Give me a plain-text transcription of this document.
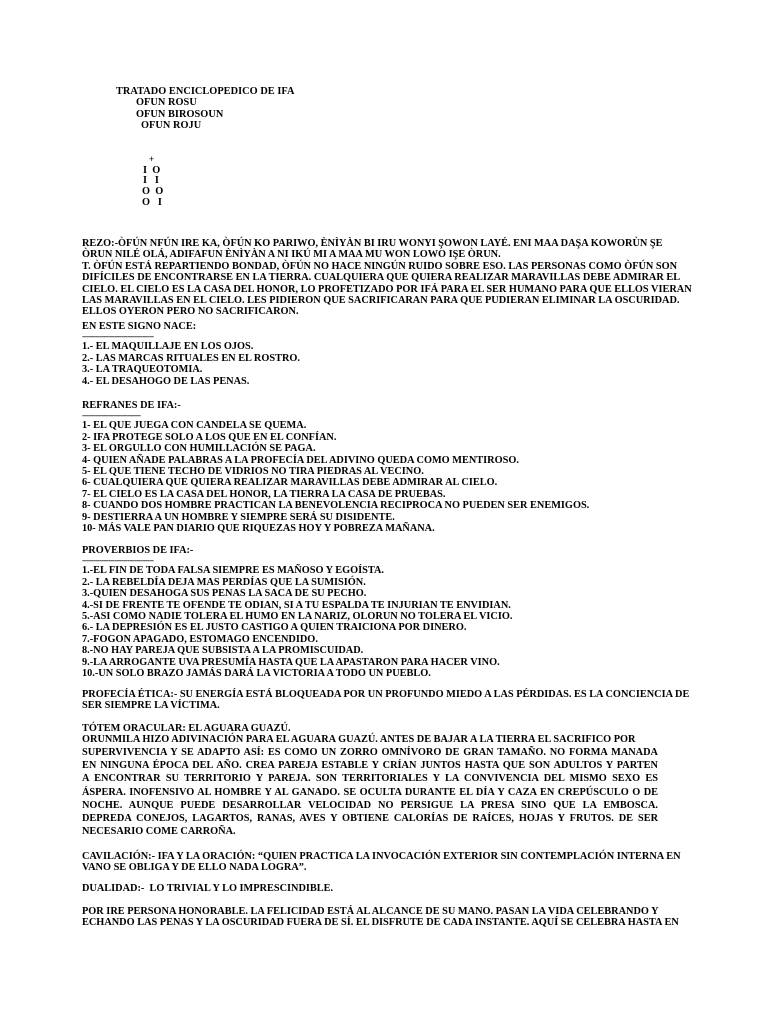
TRATADO ENCICLOPEDICO DE IFA
OFUN ROSU
OFUN BIROSOUN
OFUN ROJU
+
I  O
I   I
O  O
O   I
REZO:-ÒFÚN NFÚN IRE KA, ÒFÚN KO PARIWO, ÈNÌYÀN BI IRU WONYI ŞOWON LAYÉ. ENI MAA DAŞA KOWORÙN ŞE
ÒRUN NILÉ OLÁ, ADIFAFUN ÈNÌYÀN A NI IKÚ MI A MAA MU WON LOWO IŞE ÒRUN.
T. ÒFÚN ESTÁ REPARTIENDO BONDAD, ÒFÚN NO HACE NINGÚN RUIDO SOBRE ESO. LAS PERSONAS COMO ÒFÚN SON
DIFÍCILES DE ENCONTRARSE EN LA TIERRA. CUALQUIERA QUE QUIERA REALIZAR MARAVILLAS DEBE ADMIRAR EL
CIELO. EL CIELO ES LA CASA DEL HONOR, LO PROFETIZADO POR IFÁ PARA EL SER HUMANO PARA QUE ELLOS VIERAN
LAS MARAVILLAS EN EL CIELO. LES PIDIERON QUE SACRIFICARAN PARA QUE PUDIERAN ELIMINAR LA OSCURIDAD.
ELLOS OYERON PERO NO SACRIFICARON.
EN ESTE SIGNO NACE:
---------------------------------
1.- EL MAQUILLAJE EN LOS OJOS.
2.- LAS MARCAS RITUALES EN EL ROSTRO.
3.- LA TRAQUEOTOMIA.
4.- EL DESAHOGO DE LAS PENAS.
REFRANES DE IFA:-
---------------------------
1- EL QUE JUEGA CON CANDELA SE QUEMA.
2- IFA PROTEGE SOLO A LOS QUE EN EL CONFÍAN.
3- EL ORGULLO CON HUMILLACIÓN SE PAGA.
4- QUIEN AÑADE PALABRAS A LA PROFECÍA DEL ADIVINO QUEDA COMO MENTIROSO.
5- EL QUE TIENE TECHO DE VIDRIOS NO TIRA PIEDRAS AL VECINO.
6- CUALQUIERA QUE QUIERA REALIZAR MARAVILLAS DEBE ADMIRAR AL CIELO.
7- EL CIELO ES LA CASA DEL HONOR, LA TIERRA LA CASA DE PRUEBAS.
8- CUANDO DOS HOMBRE PRACTICAN LA BENEVOLENCIA RECIPROCA NO PUEDEN SER ENEMIGOS.
9- DESTIERRA A UN HOMBRE Y SIEMPRE SERÁ SU DISIDENTE.
10- MÁS VALE PAN DIARIO QUE RIQUEZAS HOY Y POBREZA MAÑANA.
PROVERBIOS DE IFA:-
---------------------------------
1.-EL FIN DE TODA FALSA SIEMPRE ES MAÑOSO Y EGOÍSTA.
2.- LA REBELDÍA DEJA MAS PERDÍAS QUE LA SUMISIÓN.
3.-QUIEN DESAHOGA SUS PENAS LA SACA DE SU PECHO.
4.-SI DE FRENTE TE OFENDE TE ODIAN, SI A TU ESPALDA TE INJURIAN TE ENVIDIAN.
5.-ASI COMO NADIE TOLERA EL HUMO EN LA NARIZ, OLORUN NO TOLERA EL VICIO.
6.- LA DEPRESIÓN ES EL JUSTO CASTIGO A QUIEN TRAICIONA POR DINERO.
7.-FOGON APAGADO, ESTOMAGO ENCENDIDO.
8.-NO HAY PAREJA QUE SUBSISTA A LA PROMISCUIDAD.
9.-LA ARROGANTE UVA PRESUMÍA HASTA QUE LA APASTARON PARA HACER VINO.
10.-UN SOLO BRAZO JAMÁS DARÁ LA VICTORIA A TODO UN PUEBLO.
PROFECÍA ÉTICA:- SU ENERGÍA ESTÁ BLOQUEADA POR UN PROFUNDO MIEDO A LAS PÉRDIDAS. ES LA CONCIENCIA DE
SER SIEMPRE LA VÍCTIMA.
TÓTEM ORACULAR: EL AGUARA GUAZÚ.
ORUNMILA HIZO ADIVINACIÓN PARA EL AGUARA GUAZÚ. ANTES DE BAJAR A LA TIERRA EL SACRIFICO POR
SUPERVIVENCIA Y SE ADAPTO ASÍ: ES COMO UN ZORRO OMNÍVORO DE GRAN TAMAÑO. NO FORMA MANADA
EN NINGUNA ÉPOCA DEL AÑO. CREA PAREJA ESTABLE Y CRÍAN JUNTOS HASTA QUE SON ADULTOS Y PARTEN
A ENCONTRAR SU TERRITORIO Y PAREJA. SON TERRITORIALES Y LA CONVIVENCIA DEL MISMO SEXO ES
ÁSPERA. INOFENSIVO AL HOMBRE Y AL GANADO. SE OCULTA DURANTE EL DÍA Y CAZA EN CREPÚSCULO O DE
NOCHE. AUNQUE PUEDE DESARROLLAR VELOCIDAD NO PERSIGUE LA PRESA SINO QUE LA EMBOSCA.
DEPREDA CONEJOS, LAGARTOS, RANAS, AVES Y OBTIENE CALORÍAS DE RAÍCES, HOJAS Y FRUTOS. DE SER
NECESARIO COME CARROÑA.
CAVILACIÓN:- IFA Y LA ORACIÓN: “QUIEN PRACTICA LA INVOCACIÓN EXTERIOR SIN CONTEMPLACIÓN INTERNA EN
VANO SE OBLIGA Y DE ELLO NADA LOGRA”.
DUALIDAD:-  LO TRIVIAL Y LO IMPRESCINDIBLE.
POR IRE PERSONA HONORABLE. LA FELICIDAD ESTÁ AL ALCANCE DE SU MANO. PASAN LA VIDA CELEBRANDO Y
ECHANDO LAS PENAS Y LA OSCURIDAD FUERA DE SÍ. EL DISFRUTE DE CADA INSTANTE. AQUÍ SE CELEBRA HASTA EN
